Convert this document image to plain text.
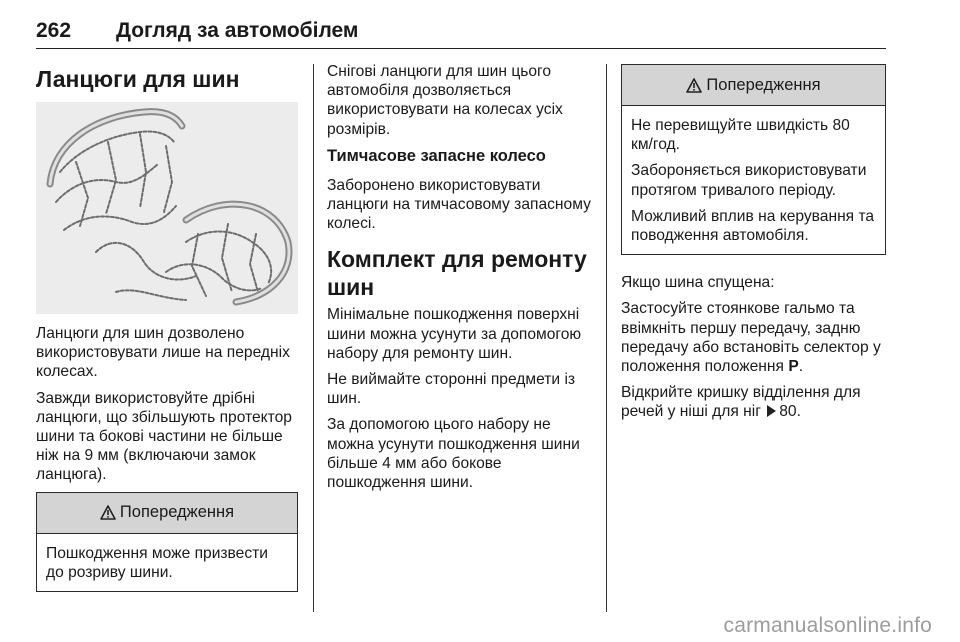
262 Догляд за автомобілем
Ланцюги для шин

Ланцюги для шин дозволено використовувати лише на передніх колесах.

Завжди використовуйте дрібні ланцюги, що збільшують протектор шини та бокові частини не більше ніж на 9 мм (включаючи замок ланцюга).

Попередження

Пошкодження може призвести до розриву шини.

Снігові ланцюги для шин цього автомобіля дозволяється використовувати на колесах усіх розмірів.

Тимчасове запасне колесо

Заборонено використовувати ланцюги на тимчасовому запасному колесі.

Комплект для ремонту шин

Мінімальне пошкодження поверхні шини можна усунути за допомогою набору для ремонту шин.

Не виймайте сторонні предмети із шин.

За допомогою цього набору не можна усунути пошкодження шини більше 4 мм або бокове пошкодження шини.

Попередження

Не перевищуйте швидкість 80 км/год.

Забороняється використовувати протягом тривалого періоду.

Можливий вплив на керування та поводження автомобіля.

Якщо шина спущена:

Застосуйте стоянкове гальмо та ввімкніть першу передачу, задню передачу або встановіть селектор у положення положення P.

Відкрийте кришку відділення для речей у ніші для ніг 80.

carmanualsonline.info
